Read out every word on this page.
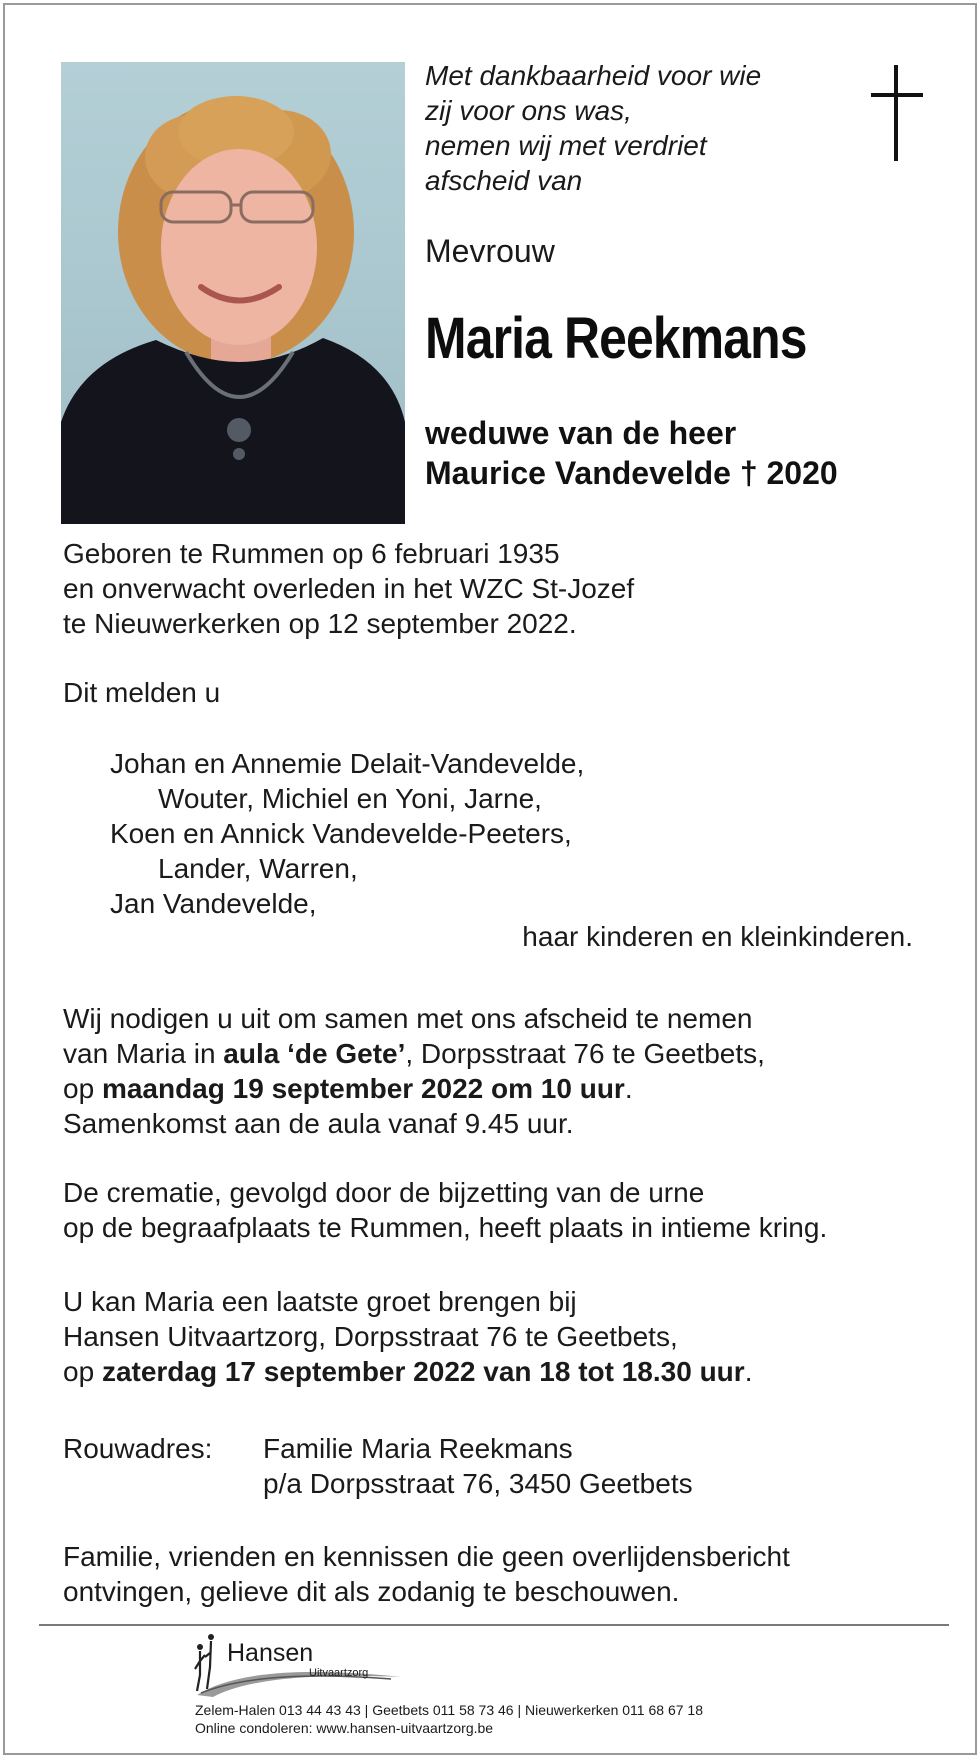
Met dankbaarheid voor wie
zij voor ons was,
nemen wij met verdriet
afscheid van
Mevrouw
Maria Reekmans
weduwe van de heer
Maurice Vandevelde † 2020
Geboren te Rummen op 6 februari 1935
en onverwacht overleden in het WZC St-Jozef
te Nieuwerkerken op 12 september 2022.
Dit melden u
Johan en Annemie Delait-Vandevelde,
Wouter, Michiel en Yoni, Jarne,
Koen en Annick Vandevelde-Peeters,
Lander, Warren,
Jan Vandevelde,
haar kinderen en kleinkinderen.
Wij nodigen u uit om samen met ons afscheid te nemen
van Maria in aula ‘de Gete’, Dorpsstraat 76 te Geetbets,
op maandag 19 september 2022 om 10 uur.
Samenkomst aan de aula vanaf 9.45 uur.
De crematie, gevolgd door de bijzetting van de urne
op de begraafplaats te Rummen, heeft plaats in intieme kring.
U kan Maria een laatste groet brengen bij
Hansen Uitvaartzorg, Dorpsstraat 76 te Geetbets,
op zaterdag 17 september 2022 van 18 tot 18.30 uur.
Rouwadres: Familie Maria Reekmans
p/a Dorpsstraat 76, 3450 Geetbets
Familie, vrienden en kennissen die geen overlijdensbericht
ontvingen, gelieve dit als zodanig te beschouwen.
Hansen
Uitvaartzorg
Zelem-Halen 013 44 43 43 | Geetbets 011 58 73 46 | Nieuwerkerken 011 68 67 18
Online condoleren: www.hansen-uitvaartzorg.be
